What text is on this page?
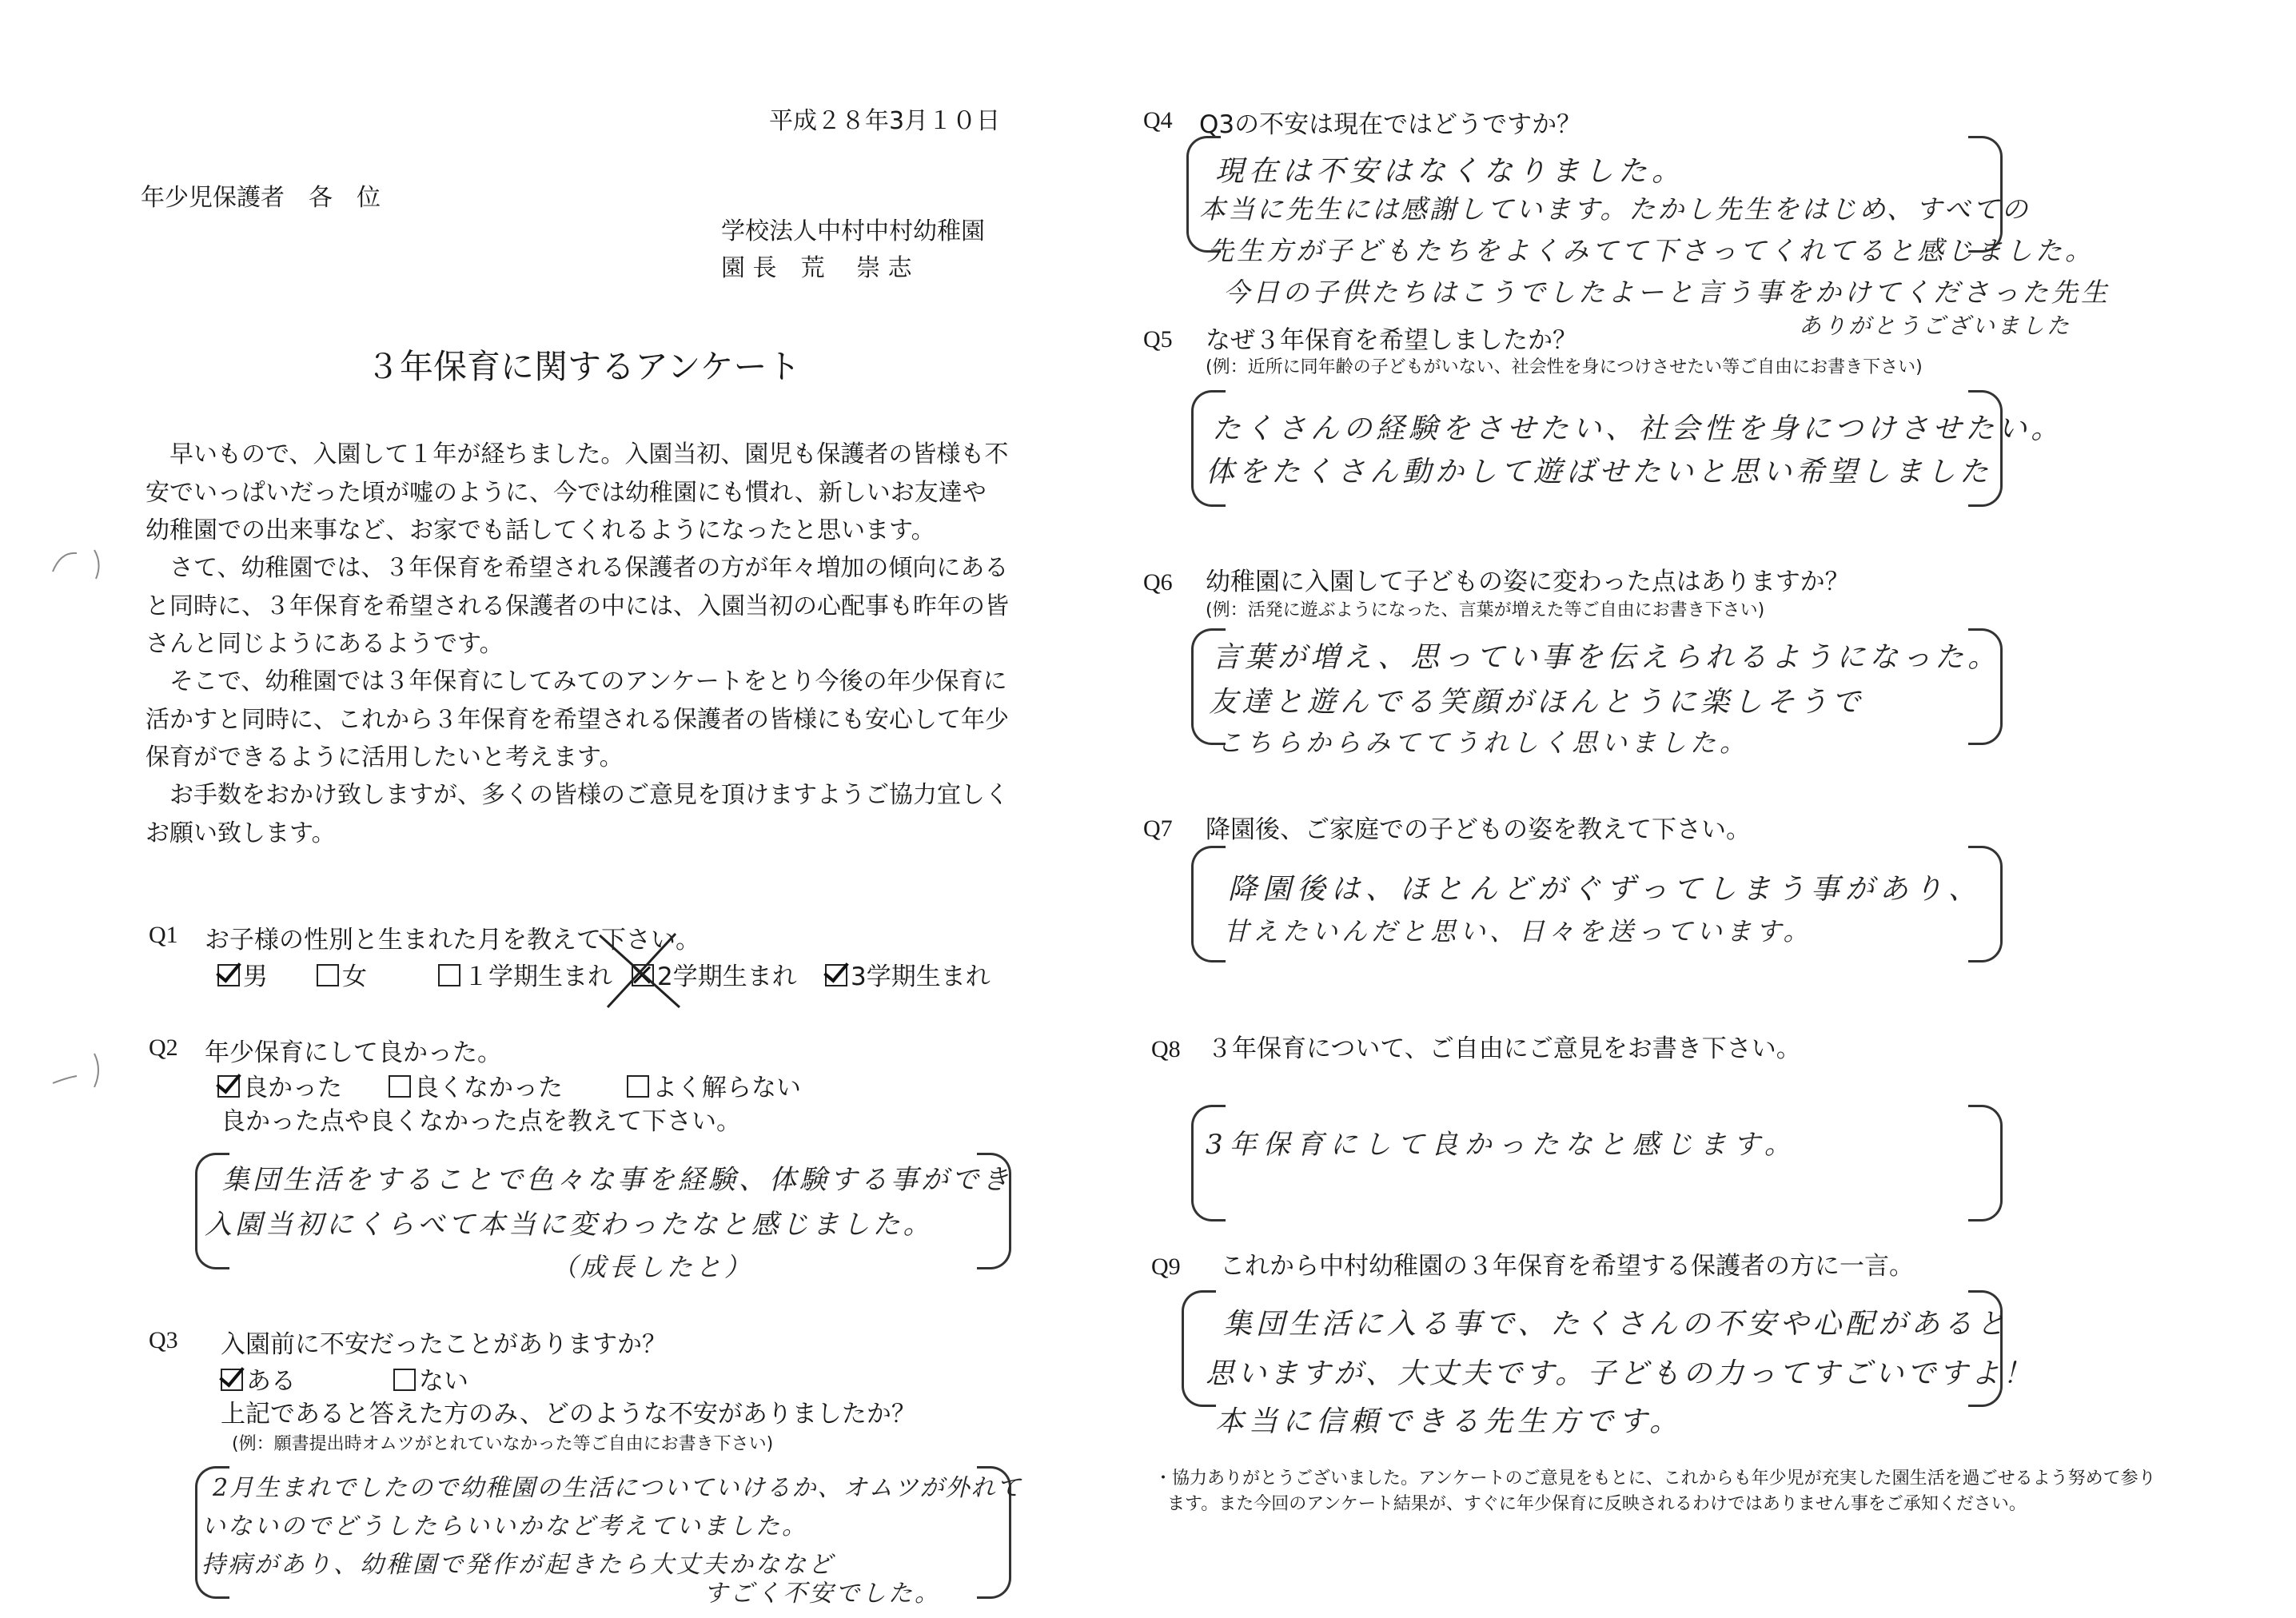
平成２８年3月１０日
年少児保護者　各　位
学校法人中村中村幼稚園
園 長　荒　 崇 志
３年保育に関するアンケート
　早いもので、入園して１年が経ちました。入園当初、園児も保護者の皆様も不安でいっぱいだった頃が嘘のように、今では幼稚園にも慣れ、新しいお友達や幼稚園での出来事など、お家でも話してくれるようになったと思います。
　さて、幼稚園では、３年保育を希望される保護者の方が年々増加の傾向にあると同時に、３年保育を希望される保護者の中には、入園当初の心配事も昨年の皆さんと同じようにあるようです。
　そこで、幼稚園では３年保育にしてみてのアンケートをとり今後の年少保育に活かすと同時に、これから３年保育を希望される保護者の皆様にも安心して年少保育ができるように活用したいと考えます。
　お手数をおかけ致しますが、多くの皆様のご意見を頂けますようご協力宜しくお願い致します。
Q1 お子様の性別と生まれた月を教えて下さい。
男	女	１学期生まれ	2学期生まれ	3学期生まれ
Q2 年少保育にして良かった。
良かった	良くなかった	よく解らない
良かった点や良くなかった点を教えて下さい。
集団生活をすることで色々な事を経験、体験する事ができ
入園当初にくらべて本当に変わったなと感じました。
（成長したと）
Q3 入園前に不安だったことがありますか？
ある	ない
上記であると答えた方のみ、どのような不安がありましたか？
(例：願書提出時オムツがとれていなかった等ご自由にお書き下さい)
2月生まれでしたので幼稚園の生活についていけるか、オムツが外れて
いないのでどうしたらいいかなど考えていました。
持病があり、幼稚園で発作が起きたら大丈夫かななど
すごく不安でした。
Q4 Q3の不安は現在ではどうですか？
現在は不安はなくなりました。
本当に先生には感謝しています。たかし先生をはじめ、すべての
先生方が子どもたちをよくみてて下さってくれてると感じました。
今日の子供たちはこうでしたよーと言う事をかけてくださった先生
ありがとうございました
Q5 なぜ３年保育を希望しましたか？
(例：近所に同年齢の子どもがいない、社会性を身につけさせたい等ご自由にお書き下さい)
たくさんの経験をさせたい、社会性を身につけさせたい。
体をたくさん動かして遊ばせたいと思い希望しました
Q6 幼稚園に入園して子どもの姿に変わった点はありますか？
(例：活発に遊ぶようになった、言葉が増えた等ご自由にお書き下さい)
言葉が増え、思ってい事を伝えられるようになった。
友達と遊んでる笑顔がほんとうに楽しそうで
こちらからみててうれしく思いました。
Q7 降園後、ご家庭での子どもの姿を教えて下さい。
降園後は、ほとんどがぐずってしまう事があり、
甘えたいんだと思い、日々を送っています。
Q8 ３年保育について、ご自由にご意見をお書き下さい。
3年保育にして良かったなと感じます。
Q9 これから中村幼稚園の３年保育を希望する保護者の方に一言。
集団生活に入る事で、たくさんの不安や心配があると
思いますが、大丈夫です。子どもの力ってすごいですよ！
本当に信頼できる先生方です。
・協力ありがとうございました。アンケートのご意見をもとに、これからも年少児が充実した園生活を過ごせるよう努めて参り
ます。また今回のアンケート結果が、すぐに年少保育に反映されるわけではありません事をご承知ください。
